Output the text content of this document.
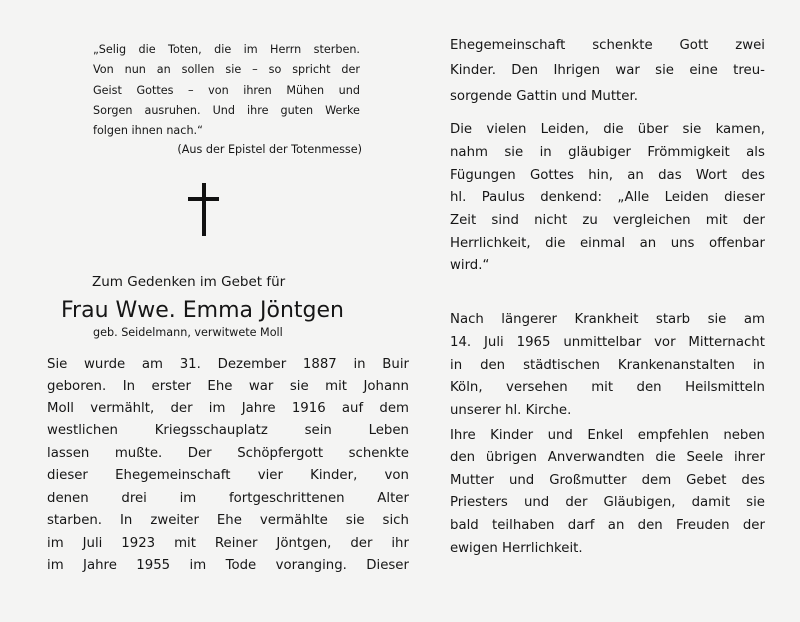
„Selig die Toten, die im Herrn sterben.
Von nun an sollen sie – so spricht der
Geist Gottes – von ihren Mühen und
Sorgen ausruhen. Und ihre guten Werke
folgen ihnen nach.“
(Aus der Epistel der Totenmesse)
Zum Gedenken im Gebet für
Frau Wwe. Emma Jöntgen
geb. Seidelmann, verwitwete Moll
Sie wurde am 31. Dezember 1887 in Buir
geboren. In erster Ehe war sie mit Johann
Moll vermählt, der im Jahre 1916 auf dem
westlichen	Kriegsschauplatz	sein	Leben
lassen mußte. Der Schöpfergott schenkte
dieser Ehegemeinschaft vier Kinder, von
denen drei im fortgeschrittenen Alter
starben. In zweiter Ehe vermählte sie sich
im Juli 1923 mit Reiner Jöntgen, der ihr
im Jahre 1955 im Tode voranging. Dieser
Ehegemeinschaft schenkte Gott zwei
Kinder. Den Ihrigen war sie eine treu-
sorgende Gattin und Mutter.
Die vielen Leiden, die über sie kamen,
nahm sie in gläubiger Frömmigkeit als
Fügungen Gottes hin, an das Wort des
hl. Paulus denkend: „Alle Leiden dieser
Zeit sind nicht zu vergleichen mit der
Herrlichkeit, die einmal an uns offenbar
wird.“
Nach längerer Krankheit starb sie am
14. Juli 1965 unmittelbar vor Mitternacht
in den städtischen Krankenanstalten in
Köln, versehen mit den Heilsmitteln
unserer hl. Kirche.
Ihre Kinder und Enkel empfehlen neben
den übrigen Anverwandten die Seele ihrer
Mutter und Großmutter dem Gebet des
Priesters und der Gläubigen, damit sie
bald teilhaben darf an den Freuden der
ewigen Herrlichkeit.
